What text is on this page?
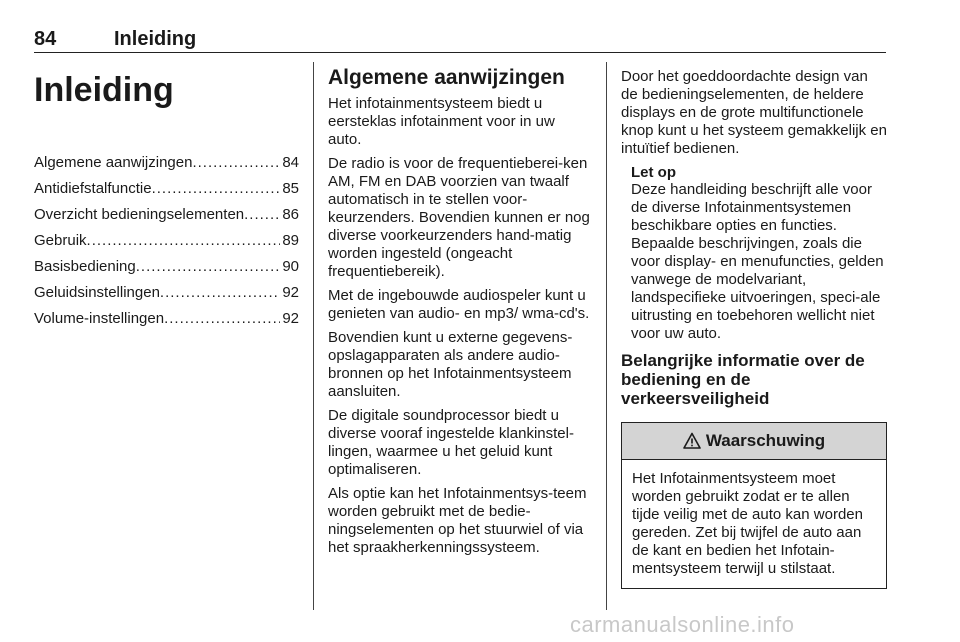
84	Inleiding
Inleiding
Algemene aanwijzingen .....	84
Antidiefstalfunctie .....	85
Overzicht bedieningselementen .....	86
Gebruik .....	89
Basisbediening .....	90
Geluidsinstellingen .....	92
Volume-instellingen .....	92
Algemene aanwijzingen

Het infotainmentsysteem biedt u eersteklas infotainment voor in uw auto.

De radio is voor de frequentieberei-ken AM, FM en DAB voorzien van twaalf automatisch in te stellen voor-keurzenders. Bovendien kunnen er nog diverse voorkeurzenders hand-matig worden ingesteld (ongeacht frequentiebereik).

Met de ingebouwde audiospeler kunt u genieten van audio- en mp3/ wma-cd's.

Bovendien kunt u externe gegevens-opslagapparaten als andere audio-bronnen op het Infotainmentsysteem aansluiten.

De digitale soundprocessor biedt u diverse vooraf ingestelde klankinstel-lingen, waarmee u het geluid kunt optimaliseren.

Als optie kan het Infotainmentsys-teem worden gebruikt met de bedie-ningselementen op het stuurwiel of via het spraakherkenningssysteem.

Door het goeddoordachte design van de bedieningselementen, de heldere displays en de grote multifunctionele knop kunt u het systeem gemakkelijk en intuïtief bedienen.

Let op

Deze handleiding beschrijft alle voor de diverse Infotainmentsystemen beschikbare opties en functies. Bepaalde beschrijvingen, zoals die voor display- en menufuncties, gelden vanwege de modelvariant, landspecifieke uitvoeringen, speci-ale uitrusting en toebehoren wellicht niet voor uw auto.

Belangrijke informatie over de bediening en de verkeersveiligheid
Waarschuwing

Het Infotainmentsysteem moet worden gebruikt zodat er te allen tijde veilig met de auto kan worden gereden. Zet bij twijfel de auto aan de kant en bedien het Infotain-mentsysteem terwijl u stilstaat.

carmanualsonline.info
